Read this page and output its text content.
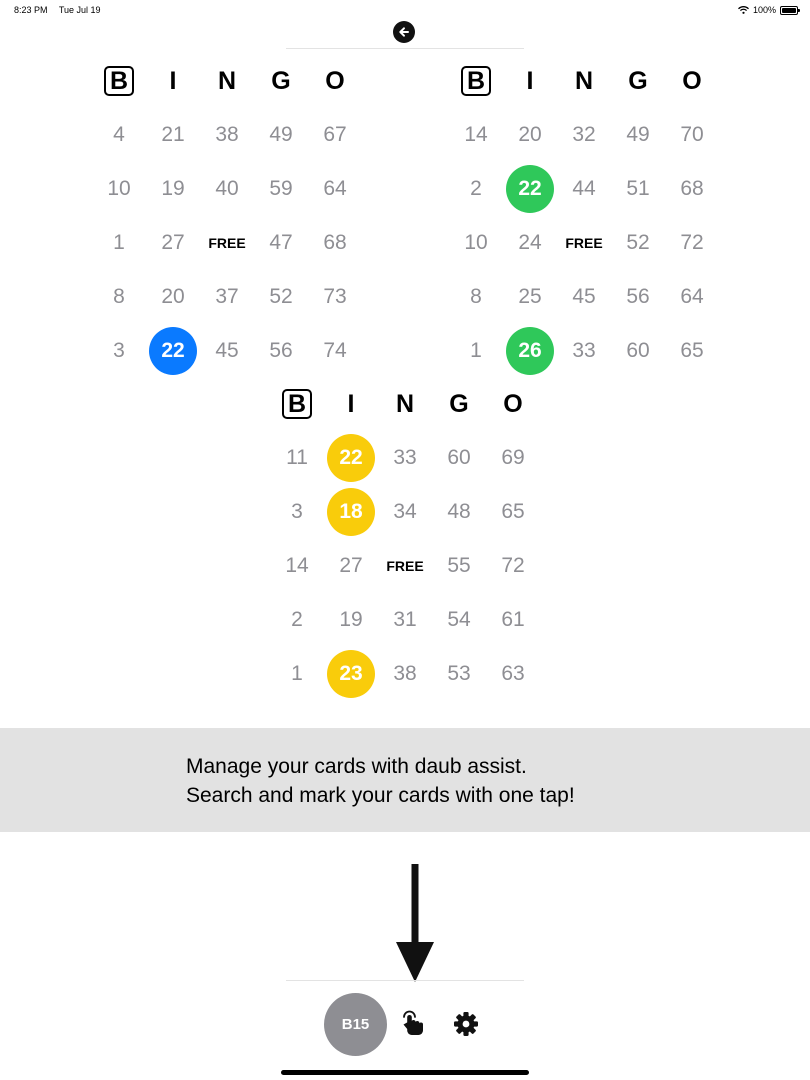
8:23 PM Tue Jul 19	100%
B I N G O
4	21	38	49	67
10	19	40	59	64
1	27	FREE	47	68
8	20	37	52	73
3	22	45	56	74
B I N G O
14	20	32	49	70
2	22	44	51	68
10	24	FREE	52	72
8	25	45	56	64
1	26	33	60	65
B I N G O
11	22	33	60	69
3	18	34	48	65
14	27	FREE	55	72
2	19	31	54	61
1	23	38	53	63
Manage your cards with daub assist.
Search and mark your cards with one tap!
B15
